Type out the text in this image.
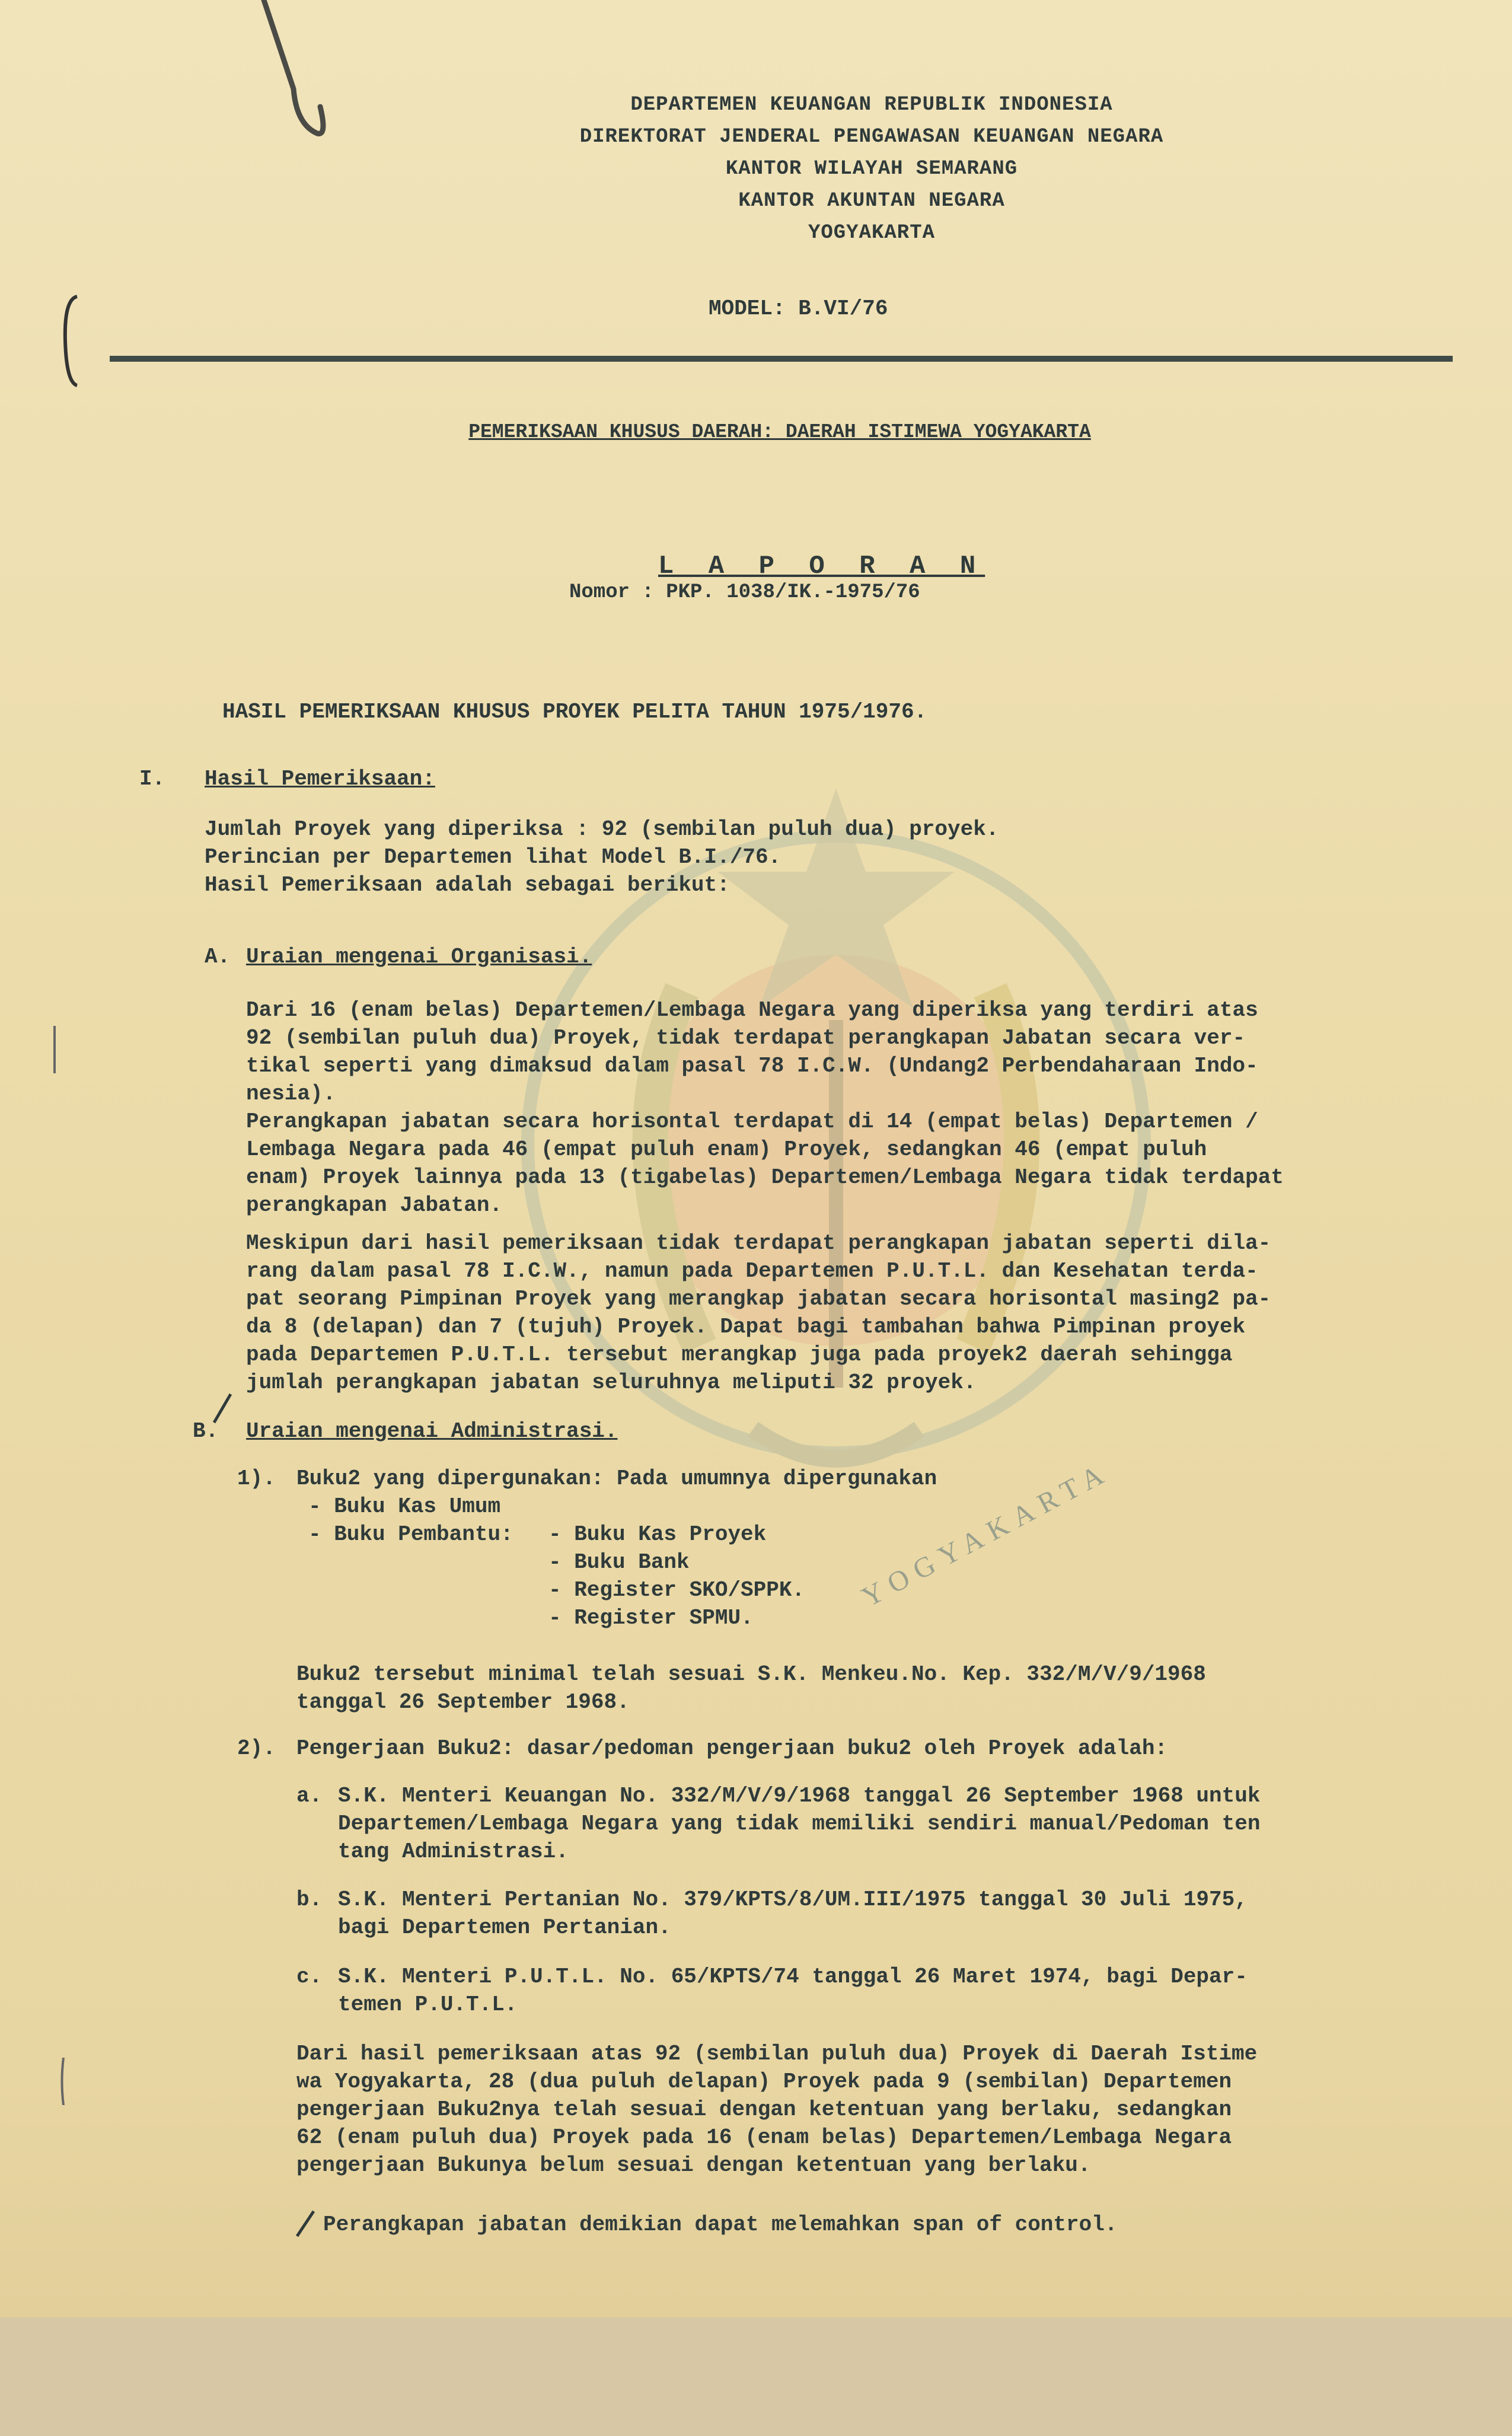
YOGYAKARTA
DEPARTEMEN KEUANGAN REPUBLIK INDONESIA
DIREKTORAT JENDERAL PENGAWASAN KEUANGAN NEGARA
KANTOR WILAYAH SEMARANG
KANTOR AKUNTAN NEGARA
YOGYAKARTA
MODEL: B.VI/76
PEMERIKSAAN KHUSUS DAERAH: DAERAH ISTIMEWA YOGYAKARTA
L A P O R A N
Nomor : PKP. 1038/IK.-1975/76
HASIL PEMERIKSAAN KHUSUS PROYEK PELITA TAHUN 1975/1976.
I. Hasil Pemeriksaan:
Jumlah Proyek yang diperiksa : 92 (sembilan puluh dua) proyek.
Perincian per Departemen lihat Model B.I./76.
Hasil Pemeriksaan adalah sebagai berikut:
A. Uraian mengenai Organisasi.
Dari 16 (enam belas) Departemen/Lembaga Negara yang diperiksa yang terdiri atas
92 (sembilan puluh dua) Proyek, tidak terdapat perangkapan Jabatan secara ver-
tikal seperti yang dimaksud dalam pasal 78 I.C.W. (Undang2 Perbendaharaan Indo-
nesia).
Perangkapan jabatan secara horisontal terdapat di 14 (empat belas) Departemen /
Lembaga Negara pada 46 (empat puluh enam) Proyek, sedangkan 46 (empat puluh
enam) Proyek lainnya pada 13 (tigabelas) Departemen/Lembaga Negara tidak terdapat
perangkapan Jabatan.
Meskipun dari hasil pemeriksaan tidak terdapat perangkapan jabatan seperti dila-
rang dalam pasal 78 I.C.W., namun pada Departemen P.U.T.L. dan Kesehatan terda-
pat seorang Pimpinan Proyek yang merangkap jabatan secara horisontal masing2 pa-
da 8 (delapan) dan 7 (tujuh) Proyek. Dapat bagi tambahan bahwa Pimpinan proyek
pada Departemen P.U.T.L. tersebut merangkap juga pada proyek2 daerah sehingga
jumlah perangkapan jabatan seluruhnya meliputi 32 proyek.
B. Uraian mengenai Administrasi.
1). Buku2 yang dipergunakan: Pada umumnya dipergunakan
- Buku Kas Umum
- Buku Pembantu: - Buku Kas Proyek
- Buku Bank
- Register SKO/SPPK.
- Register SPMU.
Buku2 tersebut minimal telah sesuai S.K. Menkeu.No. Kep. 332/M/V/9/1968
tanggal 26 September 1968.
2). Pengerjaan Buku2: dasar/pedoman pengerjaan buku2 oleh Proyek adalah:
a. S.K. Menteri Keuangan No. 332/M/V/9/1968 tanggal 26 September 1968 untuk
Departemen/Lembaga Negara yang tidak memiliki sendiri manual/Pedoman ten
tang Administrasi.
b. S.K. Menteri Pertanian No. 379/KPTS/8/UM.III/1975 tanggal 30 Juli 1975,
bagi Departemen Pertanian.
c. S.K. Menteri P.U.T.L. No. 65/KPTS/74 tanggal 26 Maret 1974, bagi Depar-
temen P.U.T.L.
Dari hasil pemeriksaan atas 92 (sembilan puluh dua) Proyek di Daerah Istime
wa Yogyakarta, 28 (dua puluh delapan) Proyek pada 9 (sembilan) Departemen
pengerjaan Buku2nya telah sesuai dengan ketentuan yang berlaku, sedangkan
62 (enam puluh dua) Proyek pada 16 (enam belas) Departemen/Lembaga Negara
pengerjaan Bukunya belum sesuai dengan ketentuan yang berlaku.
Perangkapan jabatan demikian dapat melemahkan span of control.
